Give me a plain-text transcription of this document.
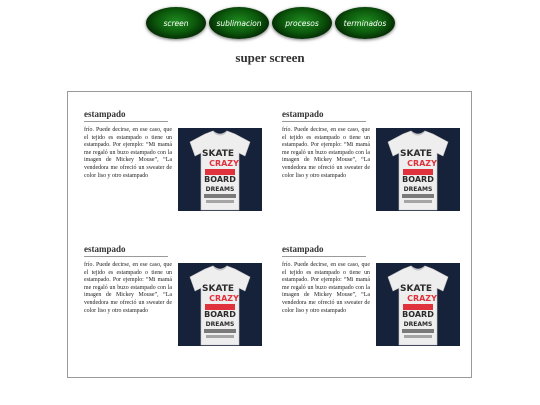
screen	sublimacion	procesos	terminados
super screen
estampado
frío. Puede decirse, en ese caso, que el tejido es estampado o tiene un estampado. Por ejemplo: “Mi mamá me regaló un buzo estampado con la imagen de Mickey Mouse”, “La vendedora me ofreció un sweater de color liso y otro estampado
SKATE
CRAZY
BOARD
DREAMS
estampado
frío. Puede decirse, en ese caso, que el tejido es estampado o tiene un estampado. Por ejemplo: “Mi mamá me regaló un buzo estampado con la imagen de Mickey Mouse”, “La vendedora me ofreció un sweater de color liso y otro estampado
SKATE
CRAZY
BOARD
DREAMS
estampado
frío. Puede decirse, en ese caso, que el tejido es estampado o tiene un estampado. Por ejemplo: “Mi mamá me regaló un buzo estampado con la imagen de Mickey Mouse”, “La vendedora me ofreció un sweater de color liso y otro estampado
SKATE
CRAZY
BOARD
DREAMS
estampado
frío. Puede decirse, en ese caso, que el tejido es estampado o tiene un estampado. Por ejemplo: “Mi mamá me regaló un buzo estampado con la imagen de Mickey Mouse”, “La vendedora me ofreció un sweater de color liso y otro estampado
SKATE
CRAZY
BOARD
DREAMS
